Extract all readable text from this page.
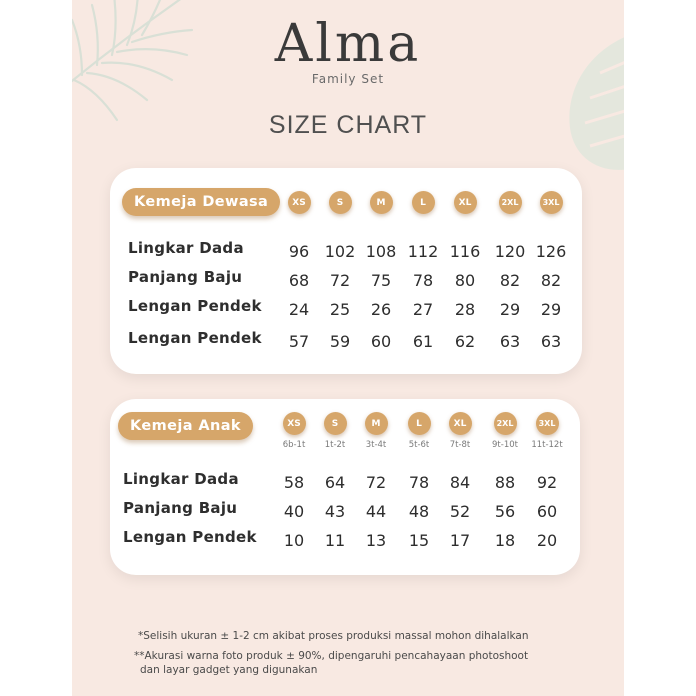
Alma
Family Set
SIZE CHART
Kemeja Dewasa	XS	S	M	L	XL	2XL	3XL
Lingkar Dada	96 102 108 112 116 120 126
Panjang Baju	68	72	75	78	80	82	82
Lengan Pendek	24	25	26	27	28	29	29
Lengan Pendek	57	59	60	61	62	63	63
Kemeja Anak	XS	S	M	L	XL	2XL	3XL
6b-1t	1t-2t	3t-4t	5t-6t	7t-8t	9t-10t	11t-12t
Lingkar Dada	58	64	72	78	84	88	92
Panjang Baju	40	43	44	48	52	56	60
Lengan Pendek	10	11	13	15	17	18	20
*Selisih ukuran ± 1-2 cm akibat proses produksi massal mohon dihalalkan
**Akurasi warna foto produk ± 90%, dipengaruhi pencahayaan photoshoot
dan layar gadget yang digunakan
